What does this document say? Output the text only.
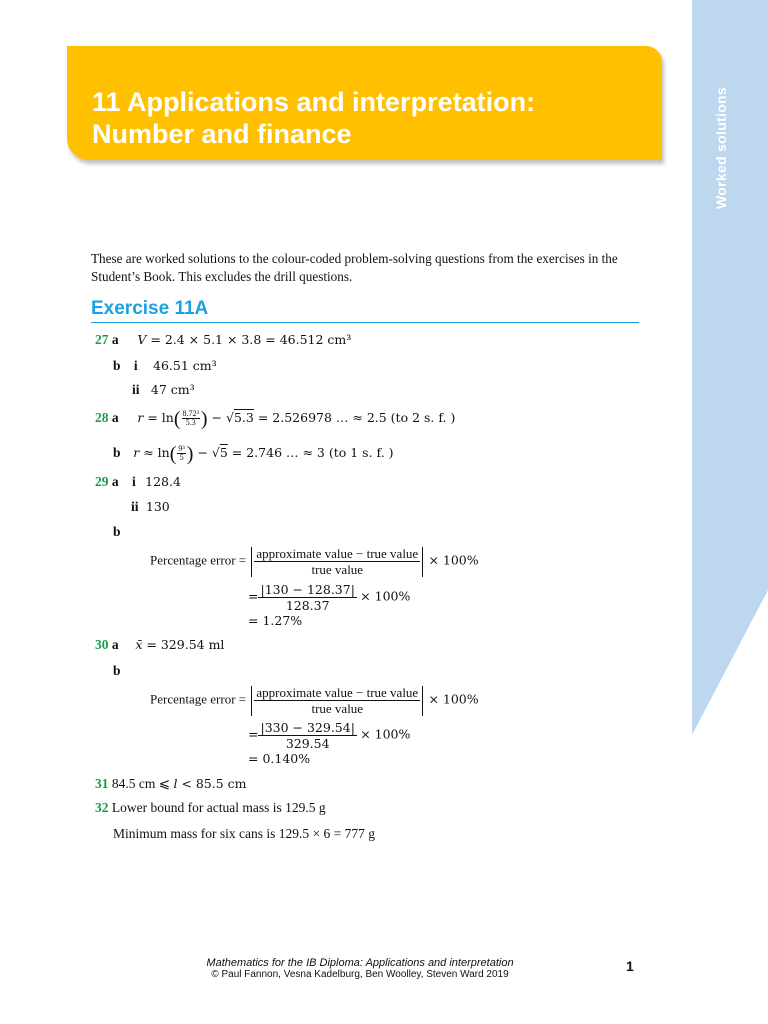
Worked solutions
11 Applications and interpretation:
Number and finance
These are worked solutions to the colour-coded problem-solving questions from the exercises in the Student’s Book. This excludes the drill questions.
Exercise 11A
27 a V = 2.4 × 5.1 × 3.8 = 46.512 cm³
b i 46.51 cm³
ii 47 cm³
28 a $r = \ln( \frac{\text{8.72³}}{5.3}$ ) − √5.3 = 2.526978 … ≈ 2.5 (to 2 s. f. )
b $r \approx \ln( \frac{\text{9³}}{5}$ ) − √5 = 2.746 … ≈ 3 (to 1 s. f. )
29 a i 128.4
ii 130
b
Percentage error = $\frac{\text{approximate value − true value}}{\text{true value}} \times 100\%$
= $\frac{|130 - 128.37|}{128.37} \times 100\%$
= 1.27%
30 a x̄ = 329.54 ml
b
Percentage error = $\frac{\text{approximate value − true value}}{\text{true value}} \times 100\%$
= $\frac{|330 - 329.54|}{329.54} \times 100\%$
= 0.140%
31 84.5 cm ⩽ l < 85.5 cm
32 Lower bound for actual mass is 129.5 g
Minimum mass for six cans is 129.5 × 6 = 777 g
Mathematics for the IB Diploma: Applications and interpretation
© Paul Fannon, Vesna Kadelburg, Ben Woolley, Steven Ward 2019
1
